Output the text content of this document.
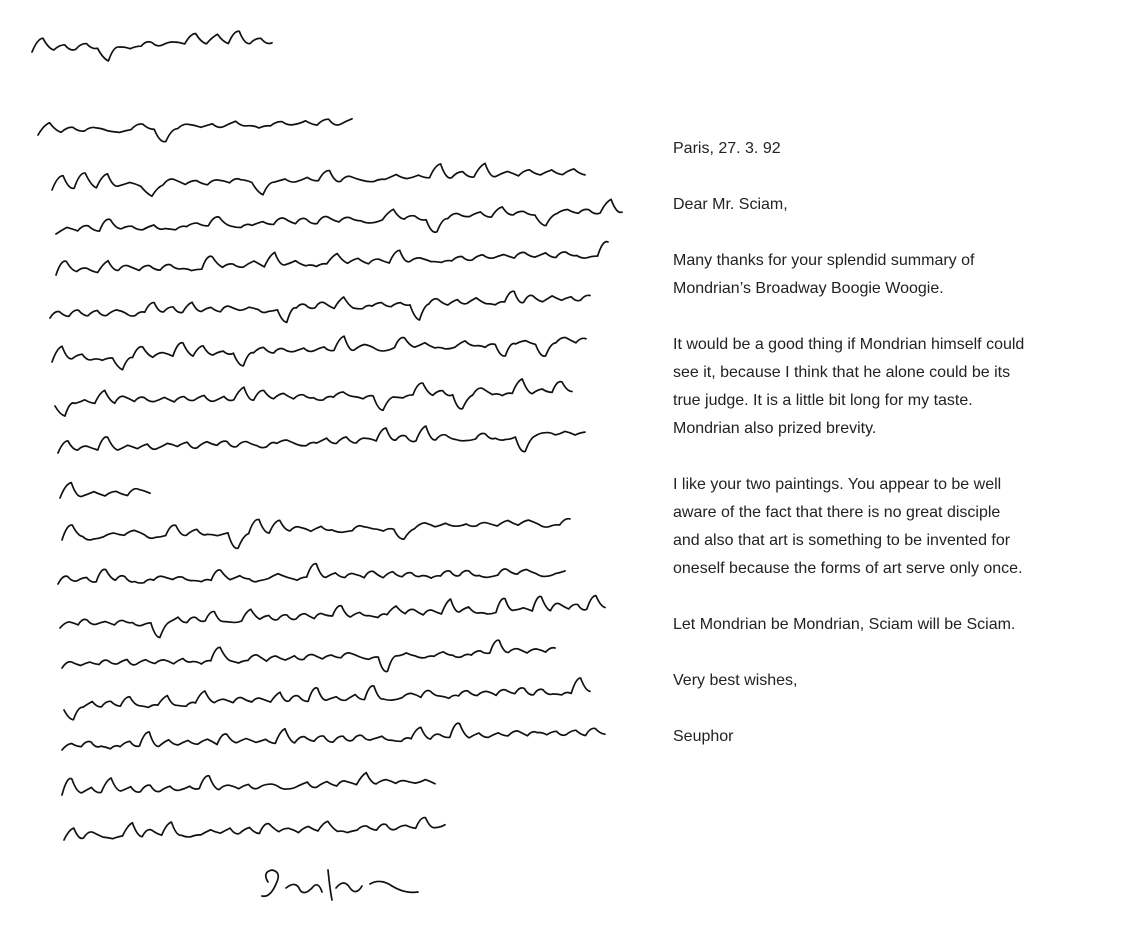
Paris, 27. 3. 92

Dear Mr. Sciam,

Many thanks for your splendid summary of
Mondrian’s Broadway Boogie Woogie.

It would be a good thing if Mondrian himself could
see it, because I think that he alone could be its
true judge. It is a little bit long for my taste.
Mondrian also prized brevity.

I like your two paintings. You appear to be well
aware of the fact that there is no great disciple
and also that art is something to be invented for
oneself because the forms of art serve only once.

Let Mondrian be Mondrian, Sciam will be Sciam.

Very best wishes,

Seuphor
